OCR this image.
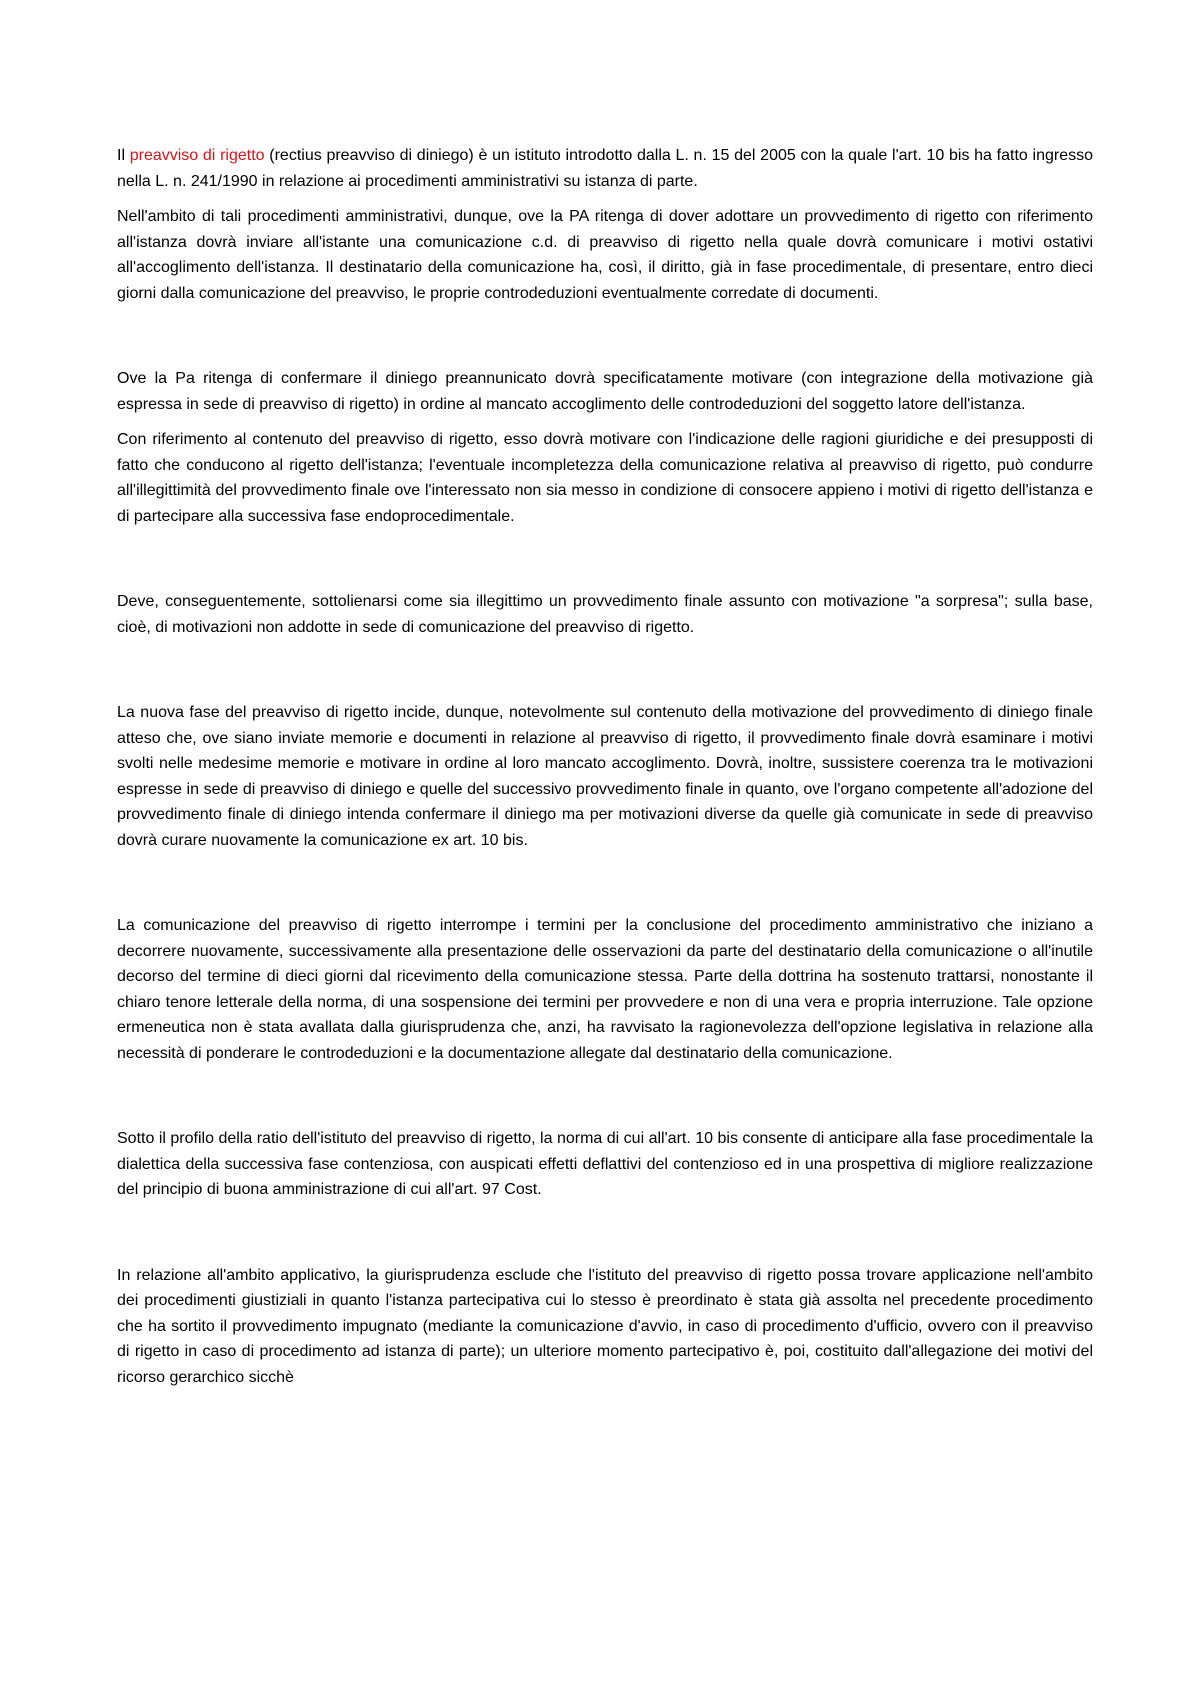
Il preavviso di rigetto (rectius preavviso di diniego) è un istituto introdotto dalla L. n. 15 del 2005 con la quale l'art. 10 bis ha fatto ingresso nella L. n. 241/1990 in relazione ai procedimenti amministrativi su istanza di parte.

Nell'ambito di tali procedimenti amministrativi, dunque, ove la PA ritenga di dover adottare un provvedimento di rigetto con riferimento all'istanza dovrà inviare all'istante una comunicazione c.d. di preavviso di rigetto nella quale dovrà comunicare i motivi ostativi all'accoglimento dell'istanza. Il destinatario della comunicazione ha, così, il diritto, già in fase procedimentale, di presentare, entro dieci giorni dalla comunicazione del preavviso, le proprie controdeduzioni eventualmente corredate di documenti.

Ove la Pa ritenga di confermare il diniego preannunicato dovrà specificatamente motivare (con integrazione della motivazione già espressa in sede di preavviso di rigetto) in ordine al mancato accoglimento delle controdeduzioni del soggetto latore dell'istanza.

Con riferimento al contenuto del preavviso di rigetto, esso dovrà motivare con l'indicazione delle ragioni giuridiche e dei presupposti di fatto che conducono al rigetto dell'istanza; l'eventuale incompletezza della comunicazione relativa al preavviso di rigetto, può condurre all'illegittimità del provvedimento finale ove l'interessato non sia messo in condizione di consocere appieno i motivi di rigetto dell'istanza e di partecipare alla successiva fase endoprocedimentale.

Deve, conseguentemente, sottolienarsi come sia illegittimo un provvedimento finale assunto con motivazione "a sorpresa"; sulla base, cioè, di motivazioni non addotte in sede di comunicazione del preavviso di rigetto.

La nuova fase del preavviso di rigetto incide, dunque, notevolmente sul contenuto della motivazione del provvedimento di diniego finale atteso che, ove siano inviate memorie e documenti in relazione al preavviso di rigetto, il provvedimento finale dovrà esaminare i motivi svolti nelle medesime memorie e motivare in ordine al loro mancato accoglimento. Dovrà, inoltre, sussistere coerenza tra le motivazioni espresse in sede di preavviso di diniego e quelle del successivo provvedimento finale in quanto, ove l'organo competente all'adozione del provvedimento finale di diniego intenda confermare il diniego ma per motivazioni diverse da quelle già comunicate in sede di preavviso dovrà curare nuovamente la comunicazione ex art. 10 bis.

La comunicazione del preavviso di rigetto interrompe i termini per la conclusione del procedimento amministrativo che iniziano a decorrere nuovamente, successivamente alla presentazione delle osservazioni da parte del destinatario della comunicazione o all'inutile decorso del termine di dieci giorni dal ricevimento della comunicazione stessa. Parte della dottrina ha sostenuto trattarsi, nonostante il chiaro tenore letterale della norma, di una sospensione dei termini per provvedere e non di una vera e propria interruzione. Tale opzione ermeneutica non è stata avallata dalla giurisprudenza che, anzi, ha ravvisato la ragionevolezza dell'opzione legislativa in relazione alla necessità di ponderare le controdeduzioni e la documentazione allegate dal destinatario della comunicazione.

Sotto il profilo della ratio dell'istituto del preavviso di rigetto, la norma di cui all'art. 10 bis consente di anticipare alla fase procedimentale la dialettica della successiva fase contenziosa, con auspicati effetti deflattivi del contenzioso ed in una prospettiva di migliore realizzazione del principio di buona amministrazione di cui all'art. 97 Cost.

In relazione all'ambito applicativo, la giurisprudenza esclude che l'istituto del preavviso di rigetto possa trovare applicazione nell'ambito dei procedimenti giustiziali in quanto l'istanza partecipativa cui lo stesso è preordinato è stata già assolta nel precedente procedimento che ha sortito il provvedimento impugnato (mediante la comunicazione d'avvio, in caso di procedimento d'ufficio, ovvero con il preavviso di rigetto in caso di procedimento ad istanza di parte); un ulteriore momento partecipativo è, poi, costituito dall'allegazione dei motivi del ricorso gerarchico sicchè
